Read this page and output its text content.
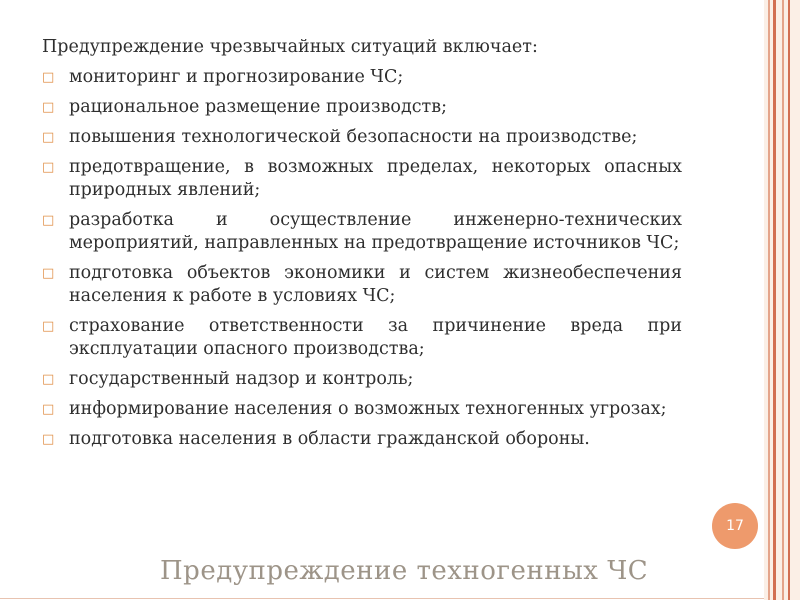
Предупреждение чрезвычайных ситуаций включает:

□ мониторинг и прогнозирование ЧС;
□ рациональное размещение производств;
□ повышения технологической безопасности на производстве;
□ предотвращение, в возможных пределах, некоторых опасных природных явлений;
□ разработка и осуществление инженерно-технических мероприятий, направленных на предотвращение источников ЧС;
□ подготовка объектов экономики и систем жизнеобеспечения населения к работе в условиях ЧС;
□ страхование ответственности за причинение вреда при эксплуатации опасного производства;
□ государственный надзор и контроль;
□ информирование населения о возможных техногенных угрозах;
□ подготовка населения в области гражданской обороны.
17
Предупреждение техногенных ЧС
